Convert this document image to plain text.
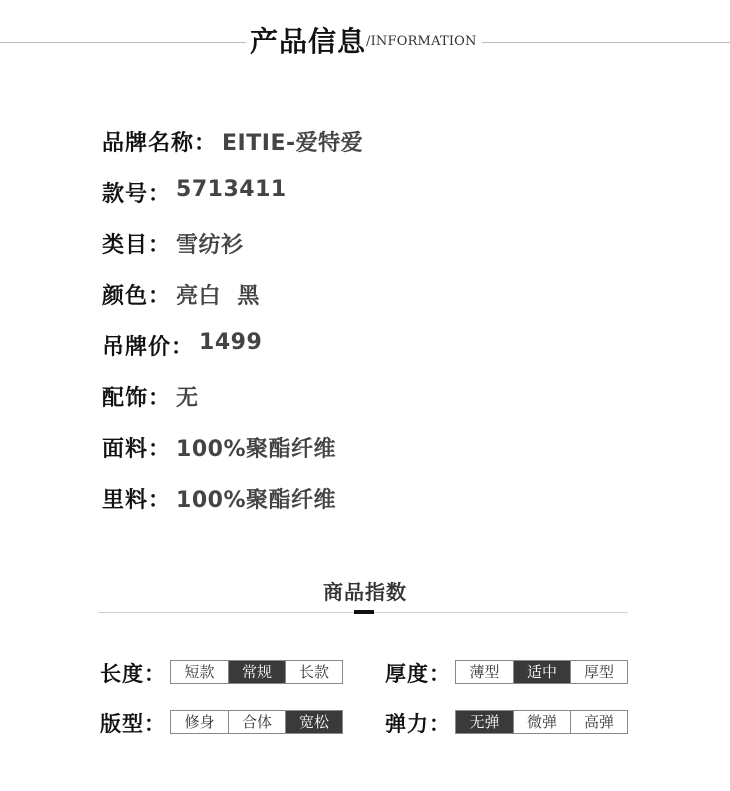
产品信息 /INFORMATION
品牌名称 ： EITIE-爱特爱
款号 ： 5713411
类目 ： 雪纺衫
颜色 ： 亮白  黑
吊牌价 ： 1499
配饰 ： 无
面料 ： 100%聚酯纤维
里料 ： 100%聚酯纤维
商品指数
长度：	短款	常规	长款	厚度：	薄型	适中	厚型
版型：	修身	合体	宽松	弹力：	无弹	微弹	高弹
